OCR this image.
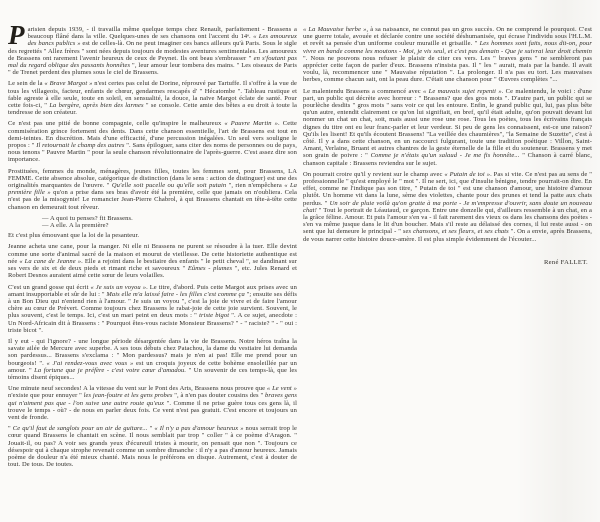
Parisien depuis 1939, - il travailla même quelque temps chez Renault, parfaitement - Brassens a beaucoup flâné dans la ville. Quelques-unes de ses chansons ont l'accent du 14ᵉ. « Les amoureux des bancs publics » est de celles-là. On ne peut imaginer ces bancs ailleurs qu'à Paris. Sous le sigle des regrettés " Allez frères " sont nées depuis toujours de modestes aventures sentimentales. Les amoureux de Brassens ont rarement l'avenir heureux de ceux de Peynet. Ils ont beau s'embrasser " en s'foutant pas mal du regard oblique des passants honnêtes ", leur amour leur tombera des mains. " Les oiseaux de Paris " de Trenet perdent des plumes sous le ciel de Brassens.

Le sein de la « Brave Margot » n'est certes pas celui de Dorine, réprouvé par Tartuffe. Il s'offre à la vue de tous les villageois, facteur, enfants de chœur, gendarmes rescapés d' " Hécatombe ". Tableau rustique et fable agreste à elle seule, toute en soleil, en sensualité, la douce, la naïve Margot éclate de santé. Pour cette fois-ci, " La bergère, après bien des larmes " se console. Cette amie des bêtes a eu droit à toute la tendresse de son créateur.

Ce n'est pas une pitié de bonne compagnie, celle qu'inspire le malheureux « Pauvre Martin ». Cette commisération grince fortement des dents. Dans cette chanson essentielle, l'art de Brassens est tout en demi-teintes. En discrétion. Mais d'une efficacité, d'une percussion inégalées. Un seul vers souligne le propos : " Il retournait le champ des autres ". Sans épiloguer, sans citer des noms de personnes ou de pays, nous tenons " Pauvre Martin " pour la seule chanson révolutionnaire de l'après-guerre. C'est assez dire son importance.

Prostituées, femmes du monde, ménagères, jeunes filles, toutes les femmes sont, pour Brassens, LA FEMME. Cette absence absolue, catégorique de distinction (dans le sens : action de distinguer) est une des originalités marquantes de l'œuvre. " Qu'elle soit pucelle ou qu'elle soit putain ", rien n'empêchera « La première fille » qu'on a prise dans ses bras d'avoir été la première, celle que jamais on n'oubliera. Cela n'est pas de la misogynie! Le romancier Jean-Pierre Chabrol, à qui Brassens chantait en tête-à-tête cette chanson en demeurait tout rêveur.

— A quoi tu penses? fit Brassens.

— A elle. A la première?

Et c'est plus émouvant que la loi de la pesanteur.

Jeanne acheta une cane, pour la manger. Ni elle ni Brassens ne purent se résoudre à la tuer. Elle devint comme une sorte d'animal sacré de la maison et mourut de vieillesse. De cette historiette authentique est née « La cane de Jeanne ». Elle a rejoint dans le bestiaire des enfants " le petit cheval ", se dandinant sur ses vers de six et de deux pieds et rimant riche et savoureux " Eûmes - plumes ", etc. Jules Renard et Robert Desnos auraient aimé cette sœur de leurs volailles.

C'est un grand gosse qui écrit « Je suis un voyou ». Le titre, d'abord. Puis cette Margot aux prises avec un amant insupportable et sûr de lui : " Mais elle m'a laissé faire - les filles c'est comme ça "; ensuite ses défis à un Bon Dieu qui n'entend rien à l'amour. " Je suis un voyou ", c'est la joie de vivre et de faire l'amour chère au cœur de Prévert. Comme toujours chez Brassens le rabat-joie de cette joie survient. Souvent, le plus souvent, c'est le temps. Ici, c'est un mari peint en deux mots : " triste bigot ". A ce sujet, anecdote : Un Nord-Africain dit à Brassens : " Pourquoi êtes-vous raciste Monsieur Brassens? " - " raciste? " - " oui : triste bicot ".

Il y eut - qui l'ignore? - une longue période désargentée dans la vie de Brassens. Notre héros traîna la savate ailée de Mercure avec superbe. A ses tous débuts chez Patachou, la dame du vestiaire lui demanda son pardessus... Brassens s'exclama : " Mon pardessus? mais je n'en ai pas! Elle me prend pour un bourgeois! ". « J'ai rendez-vous avec vous » est un croquis joyeux de cette bohème ensoleillée par un amour. " La fortune que je préfère - c'est votre cœur d'amadou. " Un souvenir de ces temps-là, que les témoins disent épiques...

Une minute neuf secondes! A la vitesse du vent sur le Pont des Arts, Brassens nous prouve que « Le vent » n'existe que pour ennuyer " les jean-foutre et les gens probes ", à n'en pas douter cousins des " braves gens qui n'aiment pas que - l'on suive une autre route qu'eux ". Comme il ne prise guère tous ces gens là, il trouve le temps - où? - de nous en parler deux fois. Ce vent n'est pas gratuit. C'est encore et toujours un vent de fronde.

" Ce qu'il faut de sanglots pour un air de guitare... " « Il n'y a pas d'amour heureux » nous serrait trop le cœur quand Brassens le chantait en scène. Il nous semblait par trop " coller " à ce poème d'Aragon. " Jouait-il, ou pas? A voir ses grands yeux d'écureuil tristes à mourir, on pensait que non ". Toujours ce désespoir qui à chaque strophe revenait comme un sombre dimanche : il n'y a pas d'amour heureux. Jamais poème de douleur n'a été mieux chanté. Mais nous le préférons en disque. Autrement, c'est à douter de tout. De tous. De toutes.

« La Mauvaise herbe », à sa naissance, ne connut pas un gros succès. On ne comprend le pourquoi. C'est une guerre totale, avouée et déclarée contre une société déshumanisée, qui écrase l'individu sous l'H.L.M. et revêt sa pensée d'un uniforme couleur muraille et grisaille. " Les hommes sont faits, nous dit-on, pour vivre en bande comme les moutons - Moi, je vis seul, et c'est pas demain - Que je suivrai leur droit chemin ". Nous ne pouvons nous refuser le plaisir de citer ces vers. Les " braves gens " ne sembleront pas apprécier cette façon de parler d'eux. Brassens n'insista pas. Il " les " aurait, mais par la bande. Il avait voulu, là, recommencer une " Mauvaise réputation ". La prolonger. Il n'a pas eu tort. Les mauvaises herbes, comme chacun sait, ont la peau dure. C'était une chanson pour " Œuvres complètes "...

Le malentendu Brassens a commencé avec « Le mauvais sujet repenti ». Ce malentendu, le voici : d'une part, un public qui décrète avec horreur : " Brassens? que des gros mots ". D'autre part, un public qui se pourlèche desdits " gros mots " sans voir ce qui les entoure. Enfin, le grand public qui, lui, pas plus bête qu'un autre, entendit clairement ce qu'on lui signifiait, en bref, qu'il était adulte, qu'on pouvait devant lui nommer un chat un chat, soit, mais aussi une rose une rose. Tous les poètes, tous les écrivains français dignes du titre ont eu leur franc-parler et leur verdeur. Si peu de gens les connaissent, est-ce une raison? Qu'ils les lisent! Et qu'ils écoutent Brassens! "La veillée des chaumières", "la Semaine de Suzette", c'est à côté. Il y a dans cette chanson, en un raccourci fulgurant, toute une tradition poétique : Villon, Saint-Amant, Verlaine, Bruant et autres chantres de la geste éternelle de la fille et du souteneur. Brassens y met son grain de poivre : " Comme je n'étais qu'un salaud - Je me fis honnête... " Chanson à carré blanc, chanson capitale : Brassens reviendra sur le sujet.

On pourrait croire qu'il y revient sur le champ avec « Putain de toi ». Pas si vite. Ce n'est pas au sens de " professionnelle " qu'est employé le " mot ". Il ne sert, ici, que d'insulte bénigne, tendre pourrait-on dire. En effet, comme ne l'indique pas son titre, " Putain de toi " est une chanson d'amour, une histoire d'amour plutôt. Un homme vit dans la lune, sème des violettes, chante pour des prunes et tend la patte aux chats perdus. " Un soir de pluie voilà qu'on gratte à ma porte - Je m'empresse d'ouvrir, sans doute un nouveau chat! " Tout le portrait de Léautaud, ce garçon. Entre une donzelle qui, d'ailleurs ressemble à un chat, en a la grâce féline. Amour. Et puis l'amour s'en va - il fait rarement des vieux os dans les chansons des poètes - s'en va même jusque dans le lit d'un boucher. Mais s'il reste au délaissé des cornes, il lui reste aussi - on sent que lui demeure le principal - " ses chansons, et ses fleurs, et ses chats ". On a envie, après Brassens, de vous narrer cette histoire douce-amère. Il est plus simple évidemment de l'écouter...

René FALLET.
